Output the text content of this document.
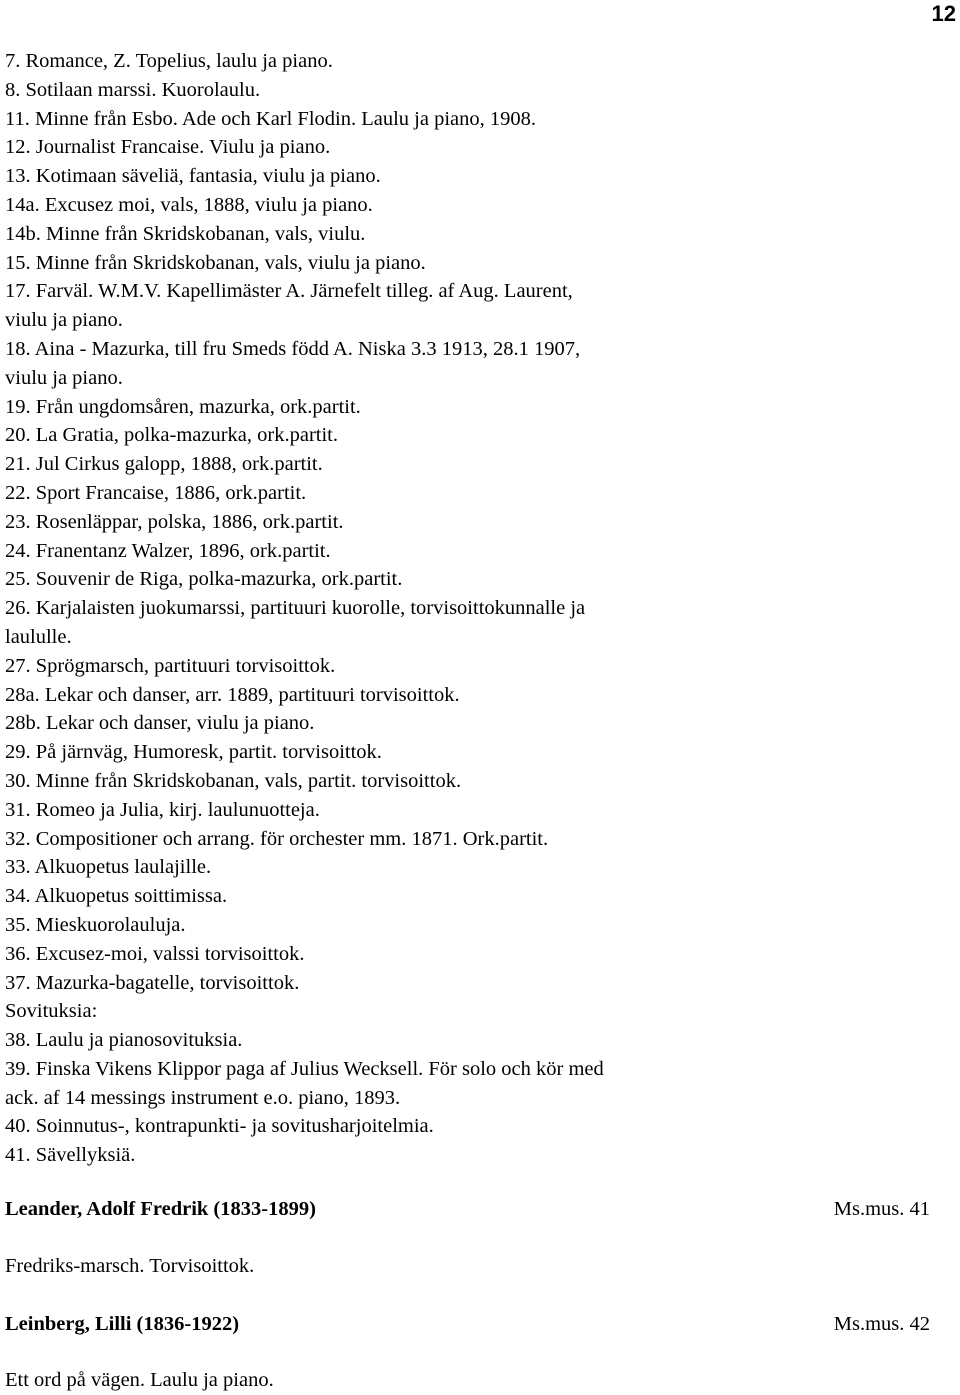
12
7. Romance, Z. Topelius, laulu ja piano.
8. Sotilaan marssi. Kuorolaulu.
11. Minne från Esbo. Ade och Karl Flodin. Laulu ja piano, 1908.
12. Journalist Francaise. Viulu ja piano.
13. Kotimaan säveliä, fantasia, viulu ja piano.
14a. Excusez moi, vals, 1888, viulu ja piano.
14b. Minne från Skridskobanan, vals, viulu.
15. Minne från Skridskobanan, vals, viulu ja piano.
17. Farväl. W.M.V. Kapellimäster A. Järnefelt tilleg. af Aug. Laurent,
viulu ja piano.
18. Aina - Mazurka, till fru Smeds född A. Niska 3.3 1913, 28.1 1907,
viulu ja piano.
19. Från ungdomsåren, mazurka, ork.partit.
20. La Gratia, polka-mazurka, ork.partit.
21. Jul Cirkus galopp, 1888, ork.partit.
22. Sport Francaise, 1886, ork.partit.
23. Rosenläppar, polska, 1886, ork.partit.
24. Franentanz Walzer, 1896, ork.partit.
25. Souvenir de Riga, polka-mazurka, ork.partit.
26. Karjalaisten juokumarssi, partituuri kuorolle, torvisoittokunnalle ja
laululle.
27. Sprögmarsch, partituuri torvisoittok.
28a. Lekar och danser, arr. 1889, partituuri torvisoittok.
28b. Lekar och danser, viulu ja piano.
29. På järnväg, Humoresk, partit. torvisoittok.
30. Minne från Skridskobanan, vals, partit. torvisoittok.
31. Romeo ja Julia, kirj. laulunuotteja.
32. Compositioner och arrang. för orchester mm. 1871. Ork.partit.
33. Alkuopetus laulajille.
34. Alkuopetus soittimissa.
35. Mieskuorolauluja.
36. Excusez-moi, valssi torvisoittok.
37. Mazurka-bagatelle, torvisoittok.
Sovituksia:
38. Laulu ja pianosovituksia.
39. Finska Vikens Klippor paga af Julius Wecksell. För solo och kör med
ack. af 14 messings instrument e.o. piano, 1893.
40. Soinnutus-, kontrapunkti- ja sovitusharjoitelmia.
41. Sävellyksiä.
Leander, Adolf Fredrik (1833-1899)	Ms.mus. 41
Fredriks-marsch. Torvisoittok.
Leinberg, Lilli (1836-1922)	Ms.mus. 42
Ett ord på vägen. Laulu ja piano.
